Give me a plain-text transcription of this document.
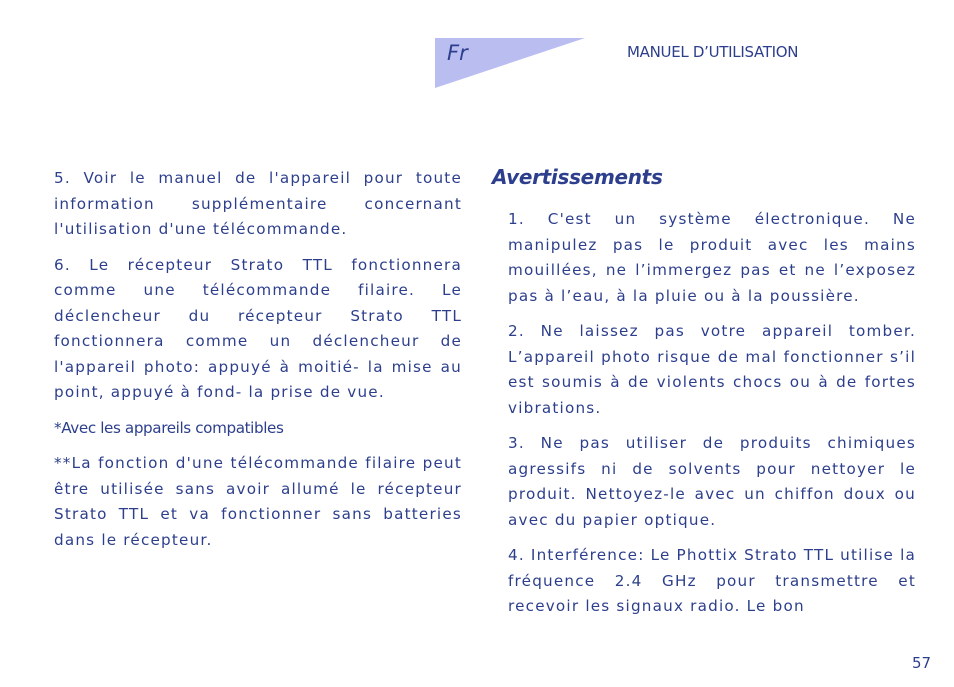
Fr	MANUEL D’UTILISATION

5. Voir le manuel de l'appareil pour toute information supplémentaire concernant l'utilisation d'une télécommande.

6. Le récepteur Strato TTL fonctionnera comme une télécommande filaire. Le déclencheur du récepteur Strato TTL fonctionnera comme un déclencheur de l'appareil photo: appuyé à moitié- la mise au point, appuyé à fond- la prise de vue.

*Avec les appareils compatibles

**La fonction d'une télécommande filaire peut être utilisée sans avoir allumé le récepteur Strato TTL et va fonctionner sans batteries dans le récepteur.

Avertissements

1. C'est un système électronique. Ne manipulez pas le produit avec les mains mouillées, ne l’immergez pas et ne l’exposez pas à l’eau, à la pluie ou à la poussière.

2. Ne laissez pas votre appareil tomber. L’appareil photo risque de mal fonctionner s’il est soumis à de violents chocs ou à de fortes vibrations.

3. Ne pas utiliser de produits chimiques agressifs ni de solvents pour nettoyer le produit. Nettoyez-le avec un chiffon doux ou avec du papier optique.

4. Interférence: Le Phottix Strato TTL utilise la fréquence 2.4 GHz pour transmettre et recevoir les signaux radio. Le bon

57
